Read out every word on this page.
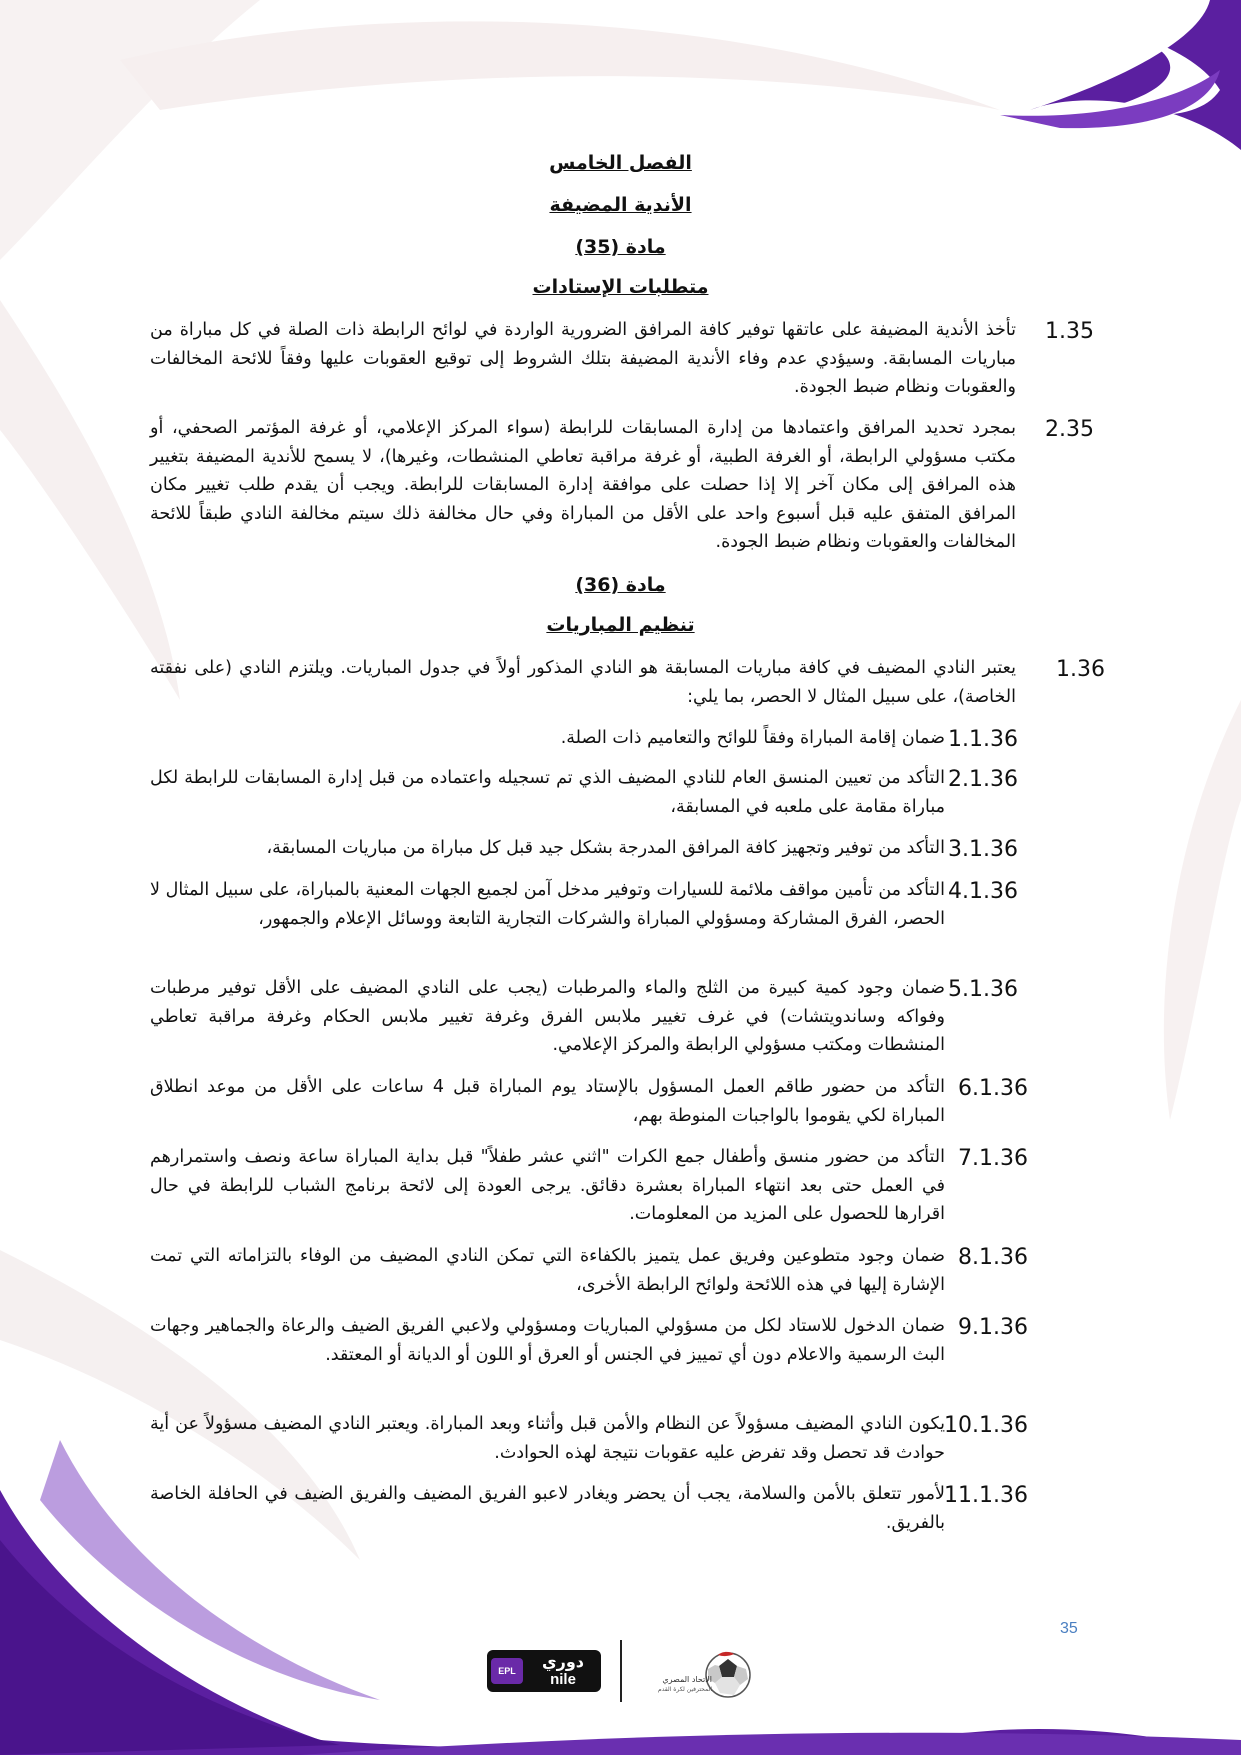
الفصل الخامس
الأندية المضيفة
مادة (35)
متطلبات الإستادات
1.35
تأخذ الأندية المضيفة على عاتقها توفير كافة المرافق الضرورية الواردة في لوائح الرابطة ذات الصلة في كل مباراة من مباريات المسابقة. وسيؤدي عدم وفاء الأندية المضيفة بتلك الشروط إلى توقيع العقوبات عليها وفقاً للائحة المخالفات والعقوبات ونظام ضبط الجودة.
2.35
بمجرد تحديد المرافق واعتمادها من إدارة المسابقات للرابطة (سواء المركز الإعلامي، أو غرفة المؤتمر الصحفي، أو مكتب مسؤولي الرابطة، أو الغرفة الطبية، أو غرفة مراقبة تعاطي المنشطات، وغيرها)، لا يسمح للأندية المضيفة بتغيير هذه المرافق إلى مكان آخر إلا إذا حصلت على موافقة إدارة المسابقات للرابطة. ويجب أن يقدم طلب تغيير مكان المرافق المتفق عليه قبل أسبوع واحد على الأقل من المباراة وفي حال مخالفة ذلك سيتم مخالفة النادي طبقاً للائحة المخالفات والعقوبات ونظام ضبط الجودة.
مادة (36)
تنظيم المباريات
1.36
يعتبر النادي المضيف في كافة مباريات المسابقة هو النادي المذكور أولاً في جدول المباريات. ويلتزم النادي (على نفقته الخاصة)، على سبيل المثال لا الحصر، بما يلي:
1.1.36
ضمان إقامة المباراة وفقاً للوائح والتعاميم ذات الصلة.
2.1.36
التأكد من تعيين المنسق العام للنادي المضيف الذي تم تسجيله واعتماده من قبل إدارة المسابقات للرابطة لكل مباراة مقامة على ملعبه في المسابقة،
3.1.36
التأكد من توفير وتجهيز كافة المرافق المدرجة بشكل جيد قبل كل مباراة من مباريات المسابقة،
4.1.36
التأكد من تأمين مواقف ملائمة للسيارات وتوفير مدخل آمن لجميع الجهات المعنية بالمباراة، على سبيل المثال لا الحصر، الفرق المشاركة ومسؤولي المباراة والشركات التجارية التابعة ووسائل الإعلام والجمهور،
5.1.36
ضمان وجود كمية كبيرة من الثلج والماء والمرطبات (يجب على النادي المضيف على الأقل توفير مرطبات وفواكه وساندويتشات) في غرف تغيير ملابس الفرق وغرفة تغيير ملابس الحكام وغرفة مراقبة تعاطي المنشطات ومكتب مسؤولي الرابطة والمركز الإعلامي.
6.1.36
التأكد من حضور طاقم العمل المسؤول بالإستاد يوم المباراة قبل 4 ساعات على الأقل من موعد انطلاق المباراة لكي يقوموا بالواجبات المنوطة بهم،
7.1.36
التأكد من حضور منسق وأطفال جمع الكرات "اثني عشر طفلاً" قبل بداية المباراة ساعة ونصف واستمرارهم في العمل حتى بعد انتهاء المباراة بعشرة دقائق. يرجى العودة إلى لائحة برنامج الشباب للرابطة في حال اقرارها للحصول على المزيد من المعلومات.
8.1.36
ضمان وجود متطوعين وفريق عمل يتميز بالكفاءة التي تمكن النادي المضيف من الوفاء بالتزاماته التي تمت الإشارة إليها في هذه اللائحة ولوائح الرابطة الأخرى،
9.1.36
ضمان الدخول للاستاد لكل من مسؤولي المباريات ومسؤولي ولاعبي الفريق الضيف والرعاة والجماهير وجهات البث الرسمية والاعلام دون أي تمييز في الجنس أو العرق أو اللون أو الديانة أو المعتقد.
10.1.36
يكون النادي المضيف مسؤولاً عن النظام والأمن قبل وأثناء وبعد المباراة. ويعتبر النادي المضيف مسؤولاً عن أية حوادث قد تحصل وقد تفرض عليه عقوبات نتيجة لهذه الحوادث.
11.1.36
لأمور تتعلق بالأمن والسلامة، يجب أن يحضر ويغادر لاعبو الفريق المضيف والفريق الضيف في الحافلة الخاصة بالفريق.
35
EPL	دوري
nile	الاتحاد المصري
المحترفين لكرة القدم
